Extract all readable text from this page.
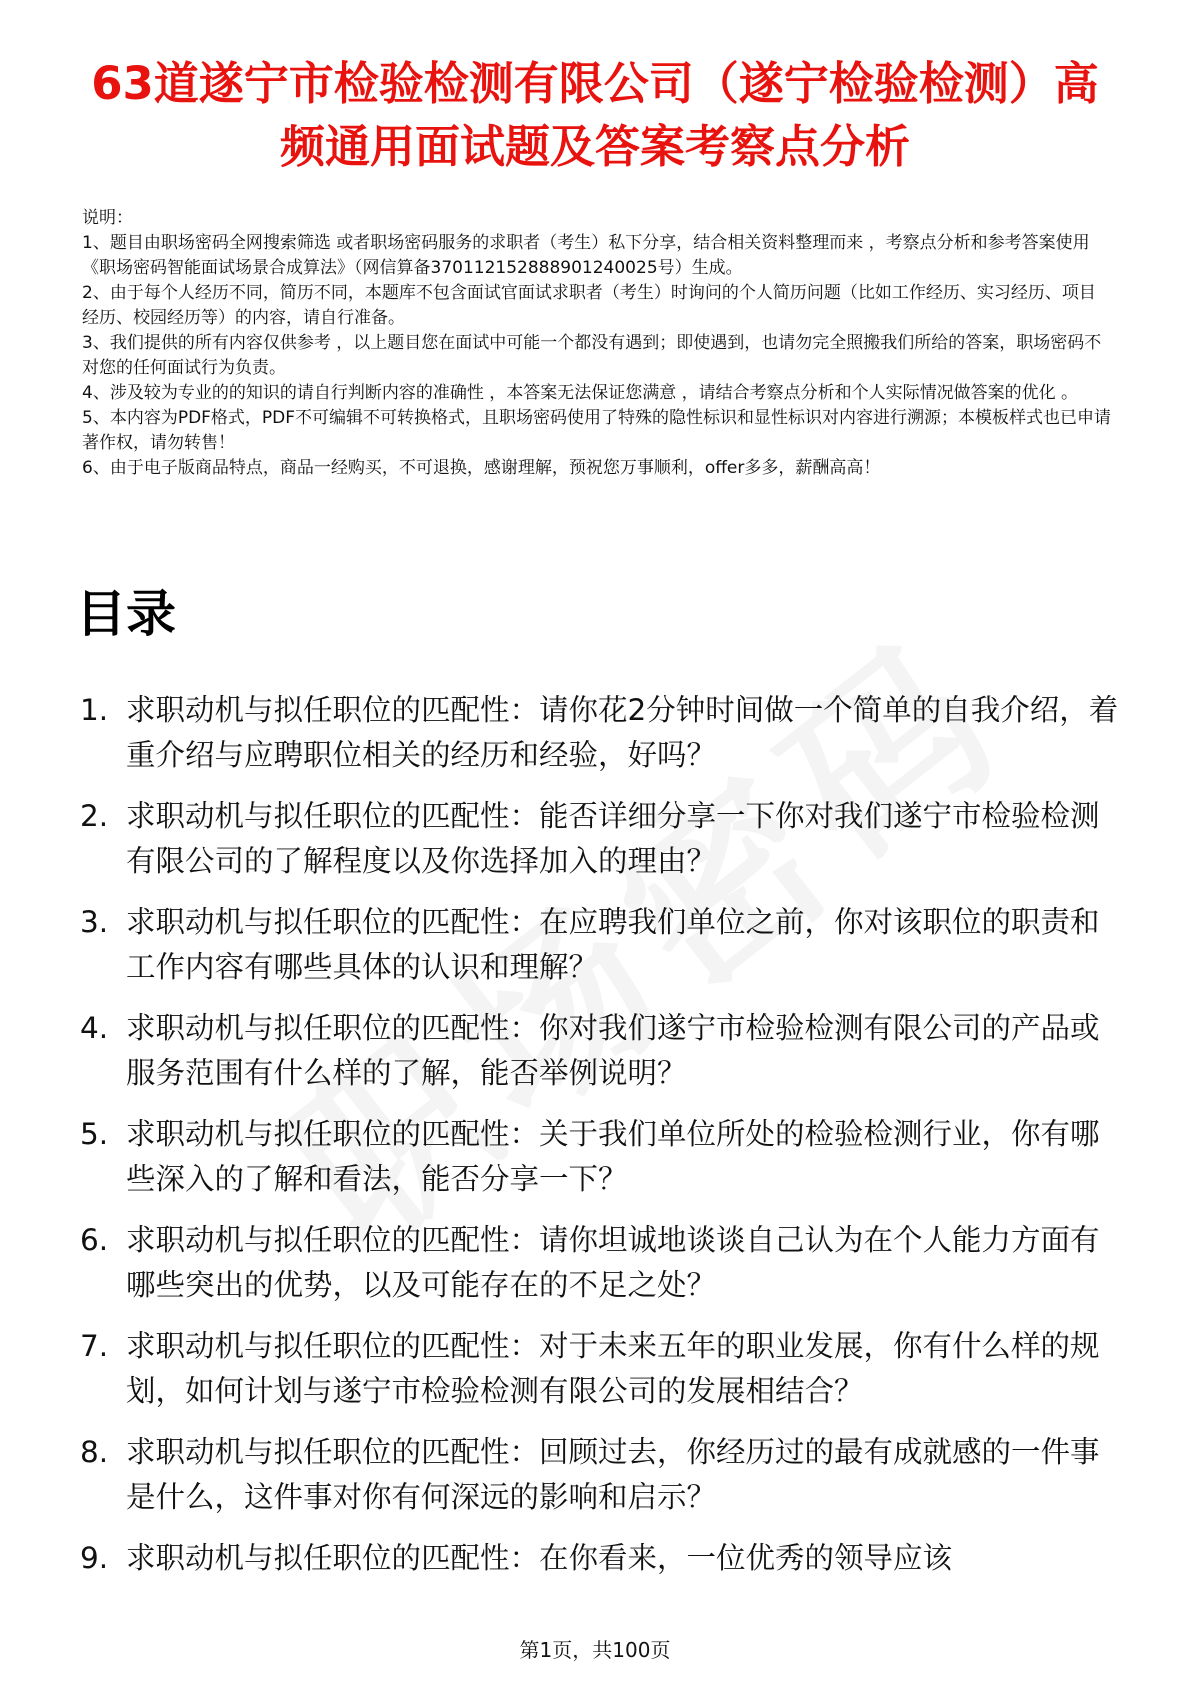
63道遂宁市检验检测有限公司（遂宁检验检测）高频通用面试题及答案考察点分析
说明：
1、题目由职场密码全网搜索筛选 或者职场密码服务的求职者（考生）私下分享，结合相关资料整理而来 ，考察点分析和参考答案使用《职场密码智能面试场景合成算法》（网信算备370112152888901240025号）生成。
2、由于每个人经历不同，简历不同，本题库不包含面试官面试求职者（考生）时询问的个人简历问题（比如工作经历、实习经历、项目经历、校园经历等）的内容，请自行准备。
3、我们提供的所有内容仅供参考 ，以上题目您在面试中可能一个都没有遇到；即使遇到，也请勿完全照搬我们所给的答案，职场密码不对您的任何面试行为负责。
4、涉及较为专业的的知识的请自行判断内容的准确性 ，本答案无法保证您满意 ，请结合考察点分析和个人实际情况做答案的优化 。
5、本内容为PDF格式，PDF不可编辑不可转换格式，且职场密码使用了特殊的隐性标识和显性标识对内容进行溯源；本模板样式也已申请著作权，请勿转售！
6、由于电子版商品特点，商品一经购买，不可退换，感谢理解，预祝您万事顺利，offer多多，薪酬高高！
目录
1. 求职动机与拟任职位的匹配性：请你花2分钟时间做一个简单的自我介绍，着重介绍与应聘职位相关的经历和经验，好吗？
2. 求职动机与拟任职位的匹配性：能否详细分享一下你对我们遂宁市检验检测有限公司的了解程度以及你选择加入的理由？
3. 求职动机与拟任职位的匹配性：在应聘我们单位之前，你对该职位的职责和工作内容有哪些具体的认识和理解？
4. 求职动机与拟任职位的匹配性：你对我们遂宁市检验检测有限公司的产品或服务范围有什么样的了解，能否举例说明？
5. 求职动机与拟任职位的匹配性：关于我们单位所处的检验检测行业，你有哪些深入的了解和看法，能否分享一下？
6. 求职动机与拟任职位的匹配性：请你坦诚地谈谈自己认为在个人能力方面有哪些突出的优势，以及可能存在的不足之处？
7. 求职动机与拟任职位的匹配性：对于未来五年的职业发展，你有什么样的规划，如何计划与遂宁市检验检测有限公司的发展相结合？
8. 求职动机与拟任职位的匹配性：回顾过去，你经历过的最有成就感的一件事是什么，这件事对你有何深远的影响和启示？
9. 求职动机与拟任职位的匹配性：在你看来，一位优秀的领导应该
第1页，共100页
